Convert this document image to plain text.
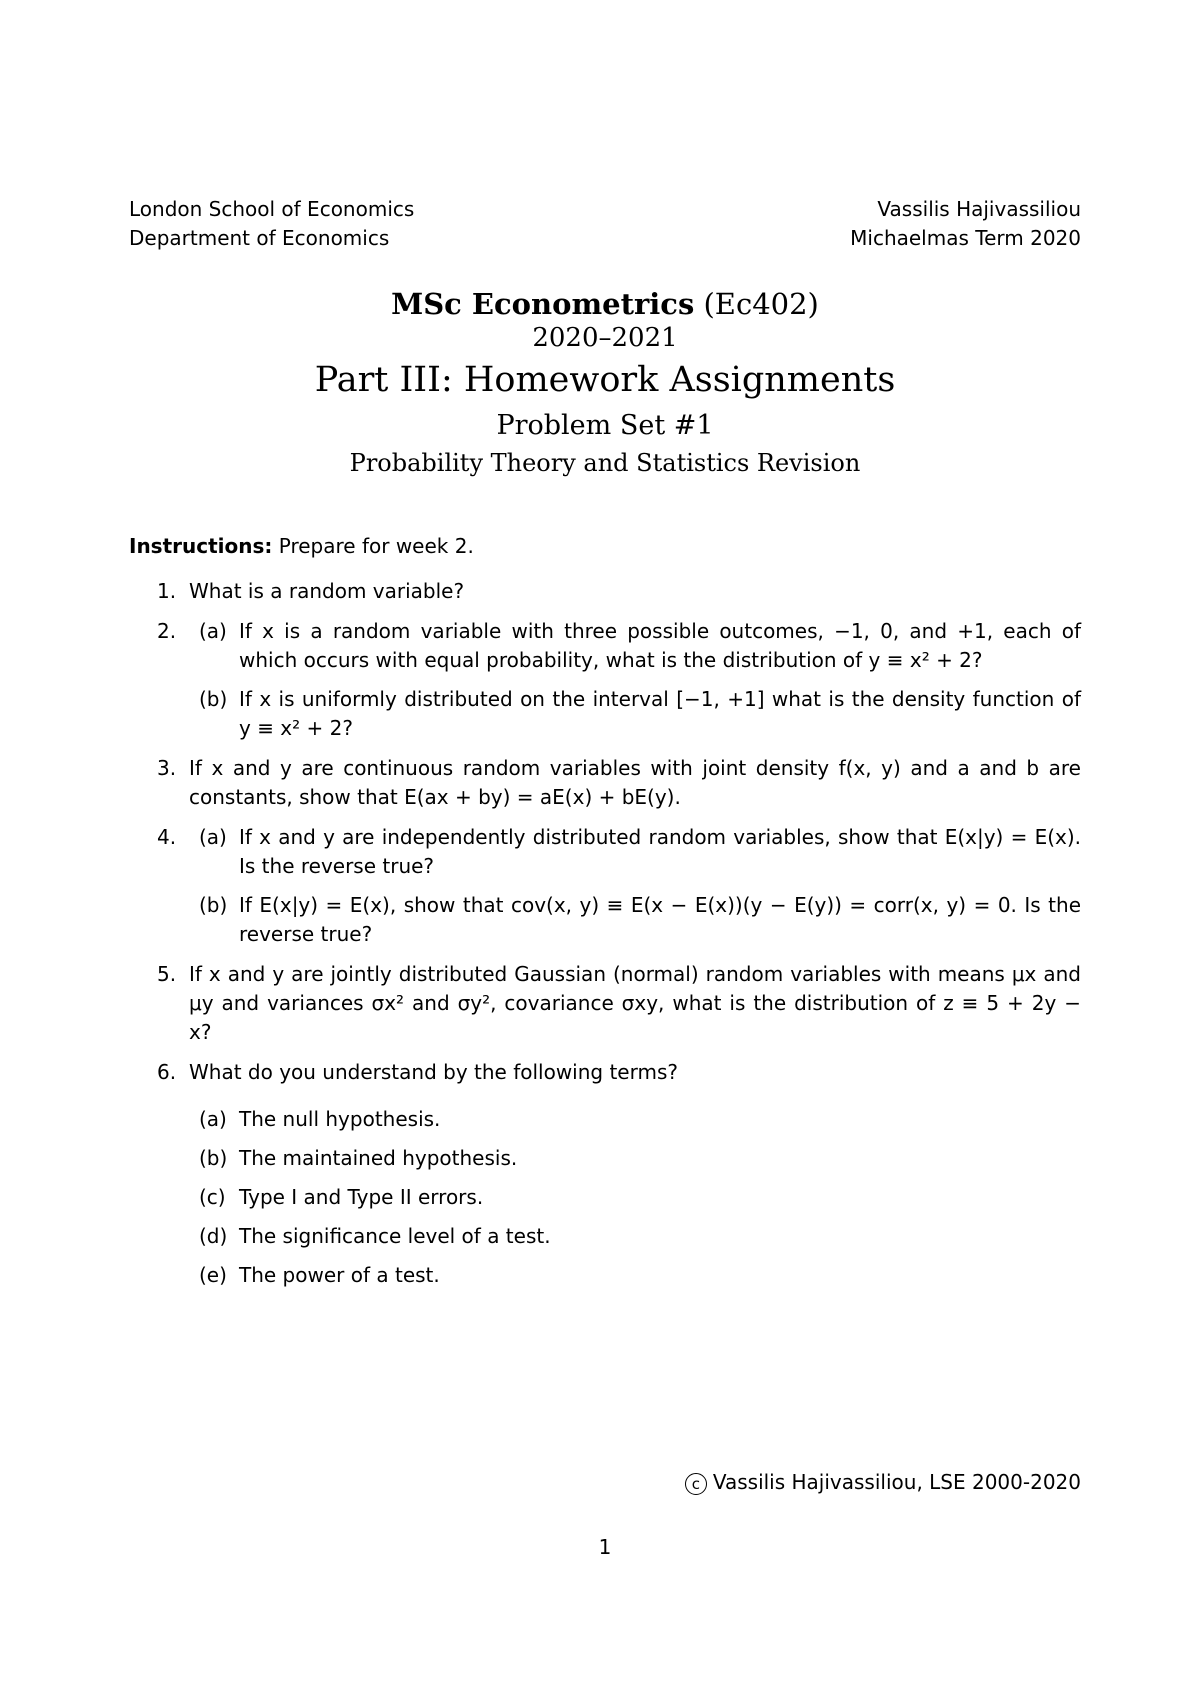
London School of Economics
Department of Economics
Vassilis Hajivassiliou
Michaelmas Term 2020
MSc Econometrics (Ec402)
2020–2021
Part III: Homework Assignments
Problem Set #1
Probability Theory and Statistics Revision
Instructions: Prepare for week 2.
1. What is a random variable?
2. (a) If x is a random variable with three possible outcomes, −1, 0, and +1, each of which occurs with equal probability, what is the distribution of y ≡ x² + 2?
(b) If x is uniformly distributed on the interval [−1, +1] what is the density function of y ≡ x² + 2?
3. If x and y are continuous random variables with joint density f(x, y) and a and b are constants, show that E(ax + by) = aE(x) + bE(y).
4. (a) If x and y are independently distributed random variables, show that E(x|y) = E(x). Is the reverse true?
(b) If E(x|y) = E(x), show that cov(x, y) ≡ E(x − E(x))(y − E(y)) = corr(x, y) = 0. Is the reverse true?
5. If x and y are jointly distributed Gaussian (normal) random variables with means μx and μy and variances σx² and σy², covariance σxy, what is the distribution of z ≡ 5 + 2y − x?
6. What do you understand by the following terms?
(a) The null hypothesis.
(b) The maintained hypothesis.
(c) Type I and Type II errors.
(d) The significance level of a test.
(e) The power of a test.
c Vassilis Hajivassiliou, LSE 2000-2020
1
